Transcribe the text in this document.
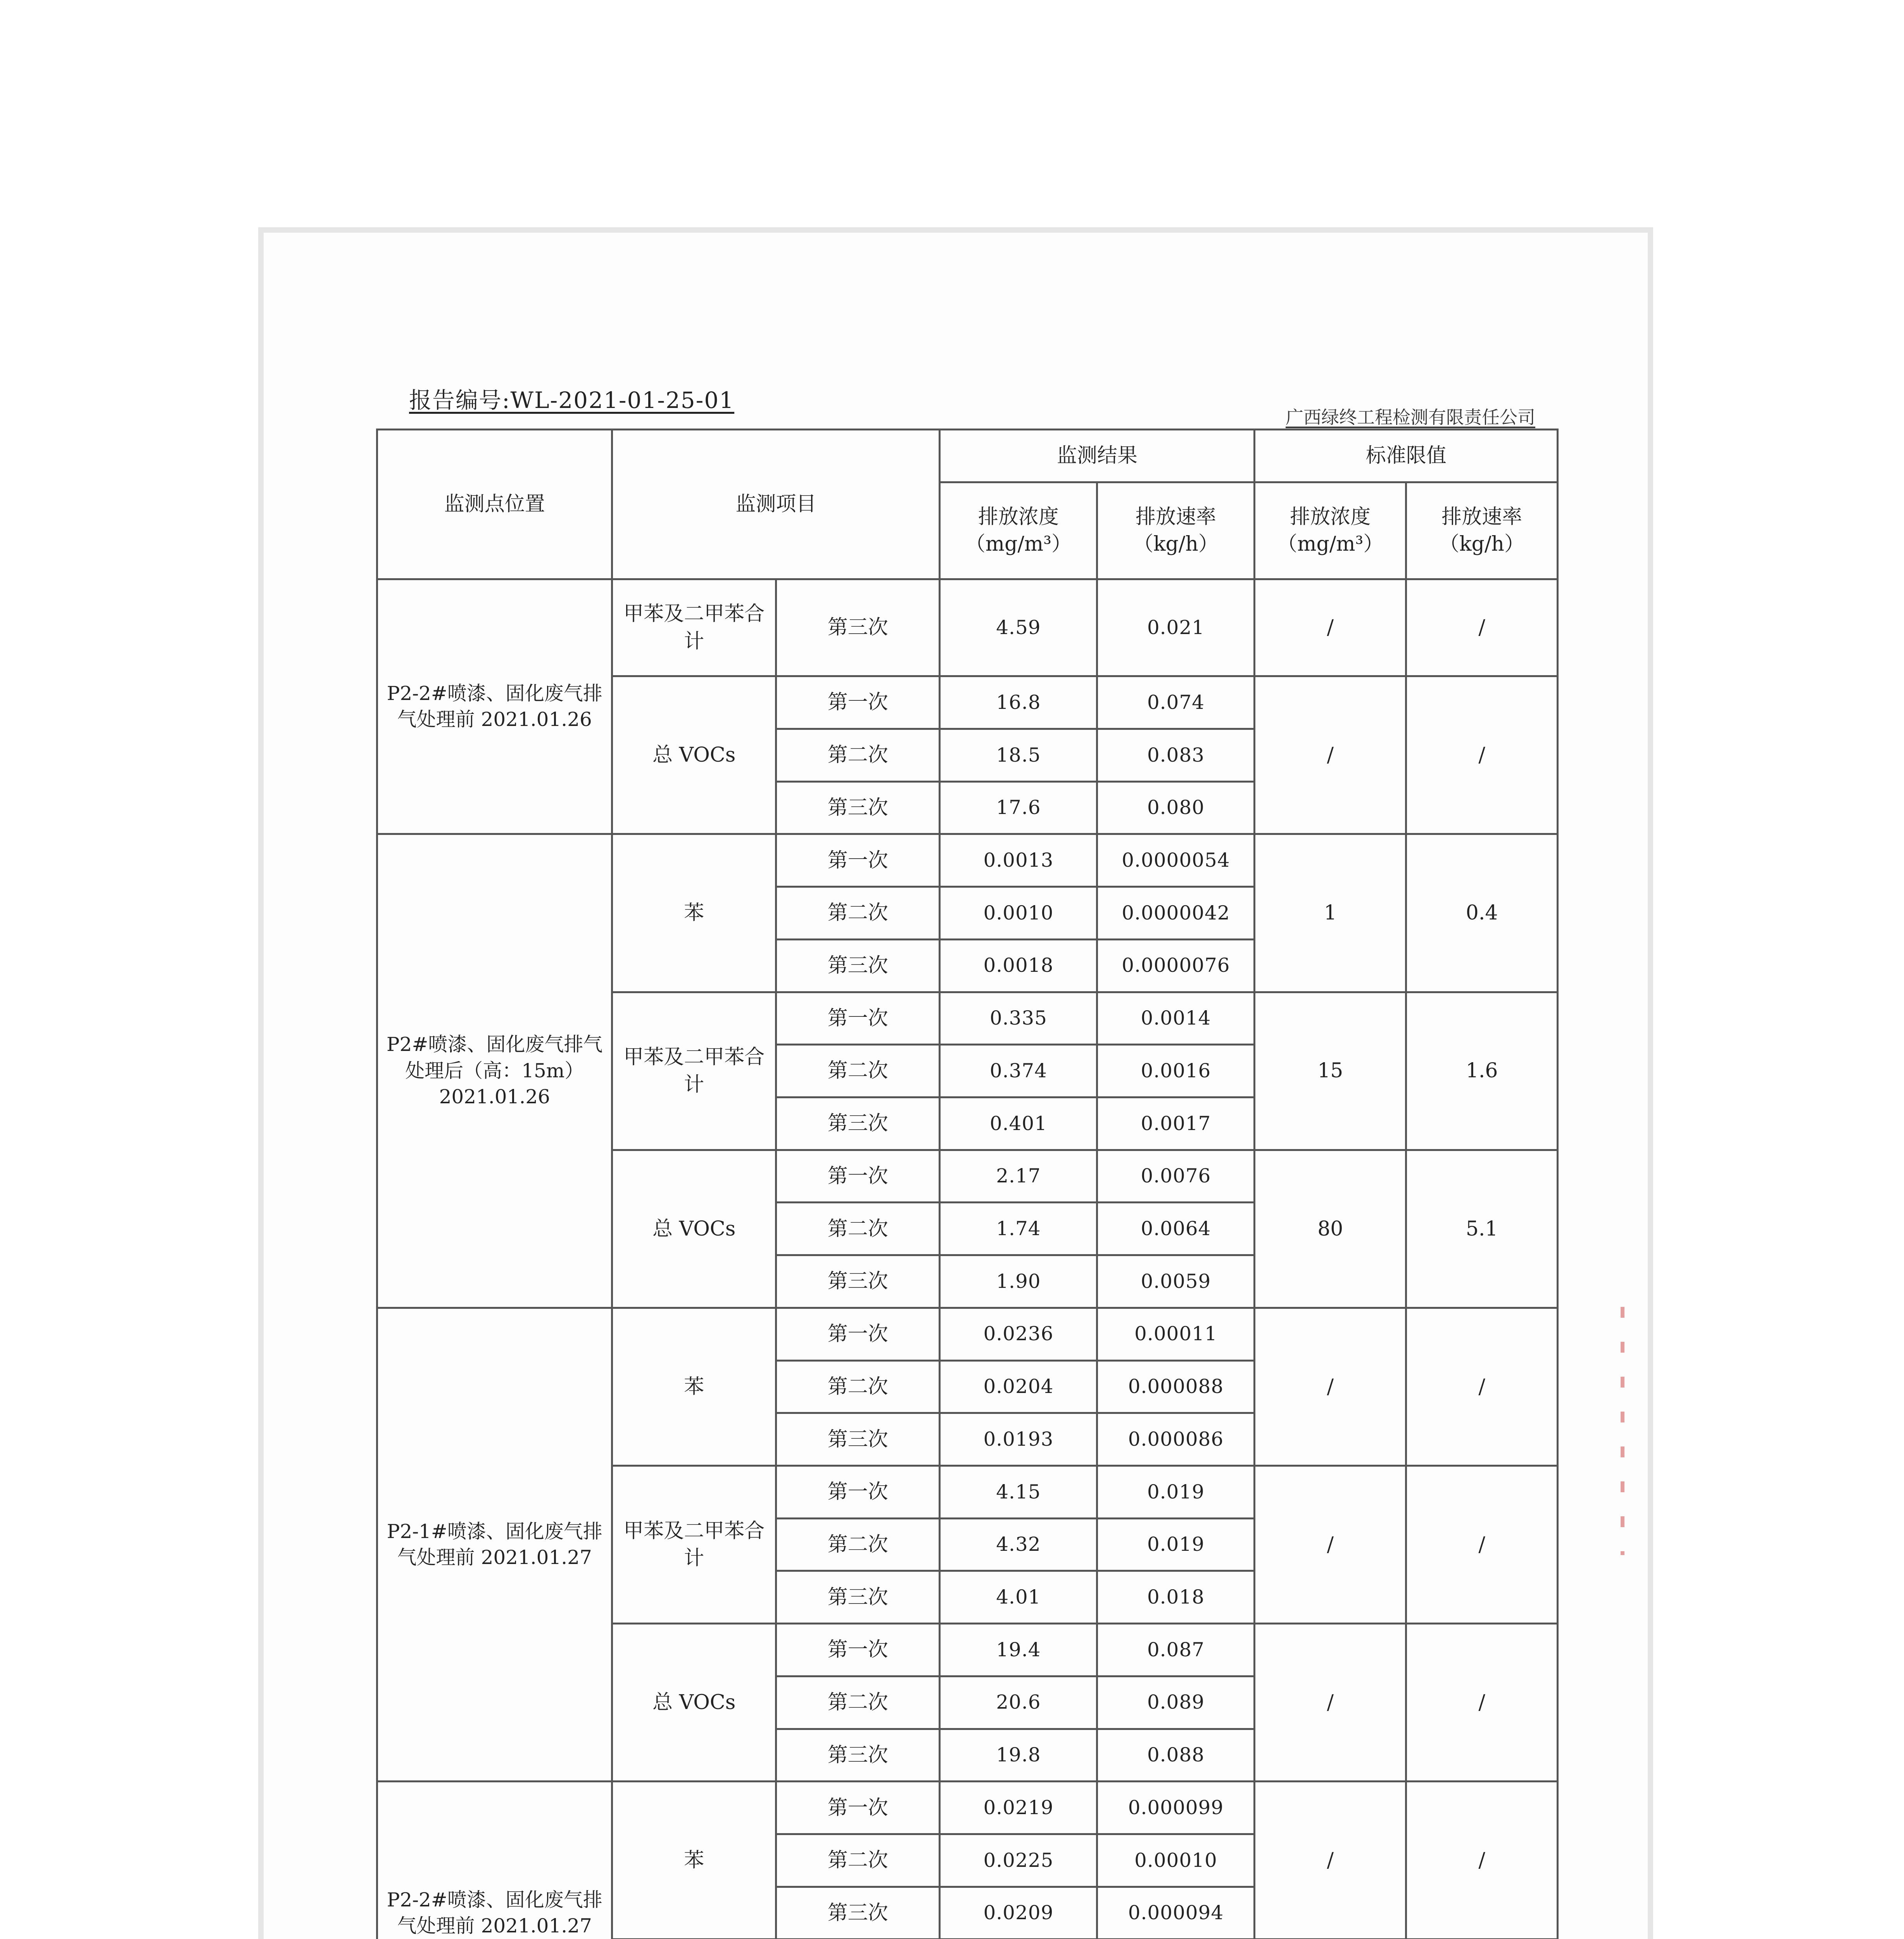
报告编号:WL-2021-01-25-01
广西绿终工程检测有限责任公司
监测点位置	监测项目		监测结果		标准限值	
			排放浓度（mg/m³）	排放速率（kg/h）	排放浓度（mg/m³）	排放速率（kg/h）
P2-2#喷漆、固化废气排气处理前 2021.01.26	甲苯及二甲苯合计	第三次	4.59	0.021	/	/
	总 VOCs	第一次	16.8	0.074	/	/
		第二次	18.5	0.083		
		第三次	17.6	0.080		
P2#喷漆、固化废气排气处理后（高：15m）2021.01.26	苯	第一次	0.0013	0.0000054	1	0.4
		第二次	0.0010	0.0000042		
		第三次	0.0018	0.0000076		
	甲苯及二甲苯合计	第一次	0.335	0.0014	15	1.6
		第二次	0.374	0.0016		
		第三次	0.401	0.0017		
	总 VOCs	第一次	2.17	0.0076	80	5.1
		第二次	1.74	0.0064		
		第三次	1.90	0.0059		
P2-1#喷漆、固化废气排气处理前 2021.01.27	苯	第一次	0.0236	0.00011	/	/
		第二次	0.0204	0.000088		
		第三次	0.0193	0.000086		
	甲苯及二甲苯合计	第一次	4.15	0.019	/	/
		第二次	4.32	0.019		
		第三次	4.01	0.018		
	总 VOCs	第一次	19.4	0.087	/	/
		第二次	20.6	0.089		
		第三次	19.8	0.088		
P2-2#喷漆、固化废气排气处理前 2021.01.27	苯	第一次	0.0219	0.000099	/	/
		第二次	0.0225	0.00010		
		第三次	0.0209	0.000094		
